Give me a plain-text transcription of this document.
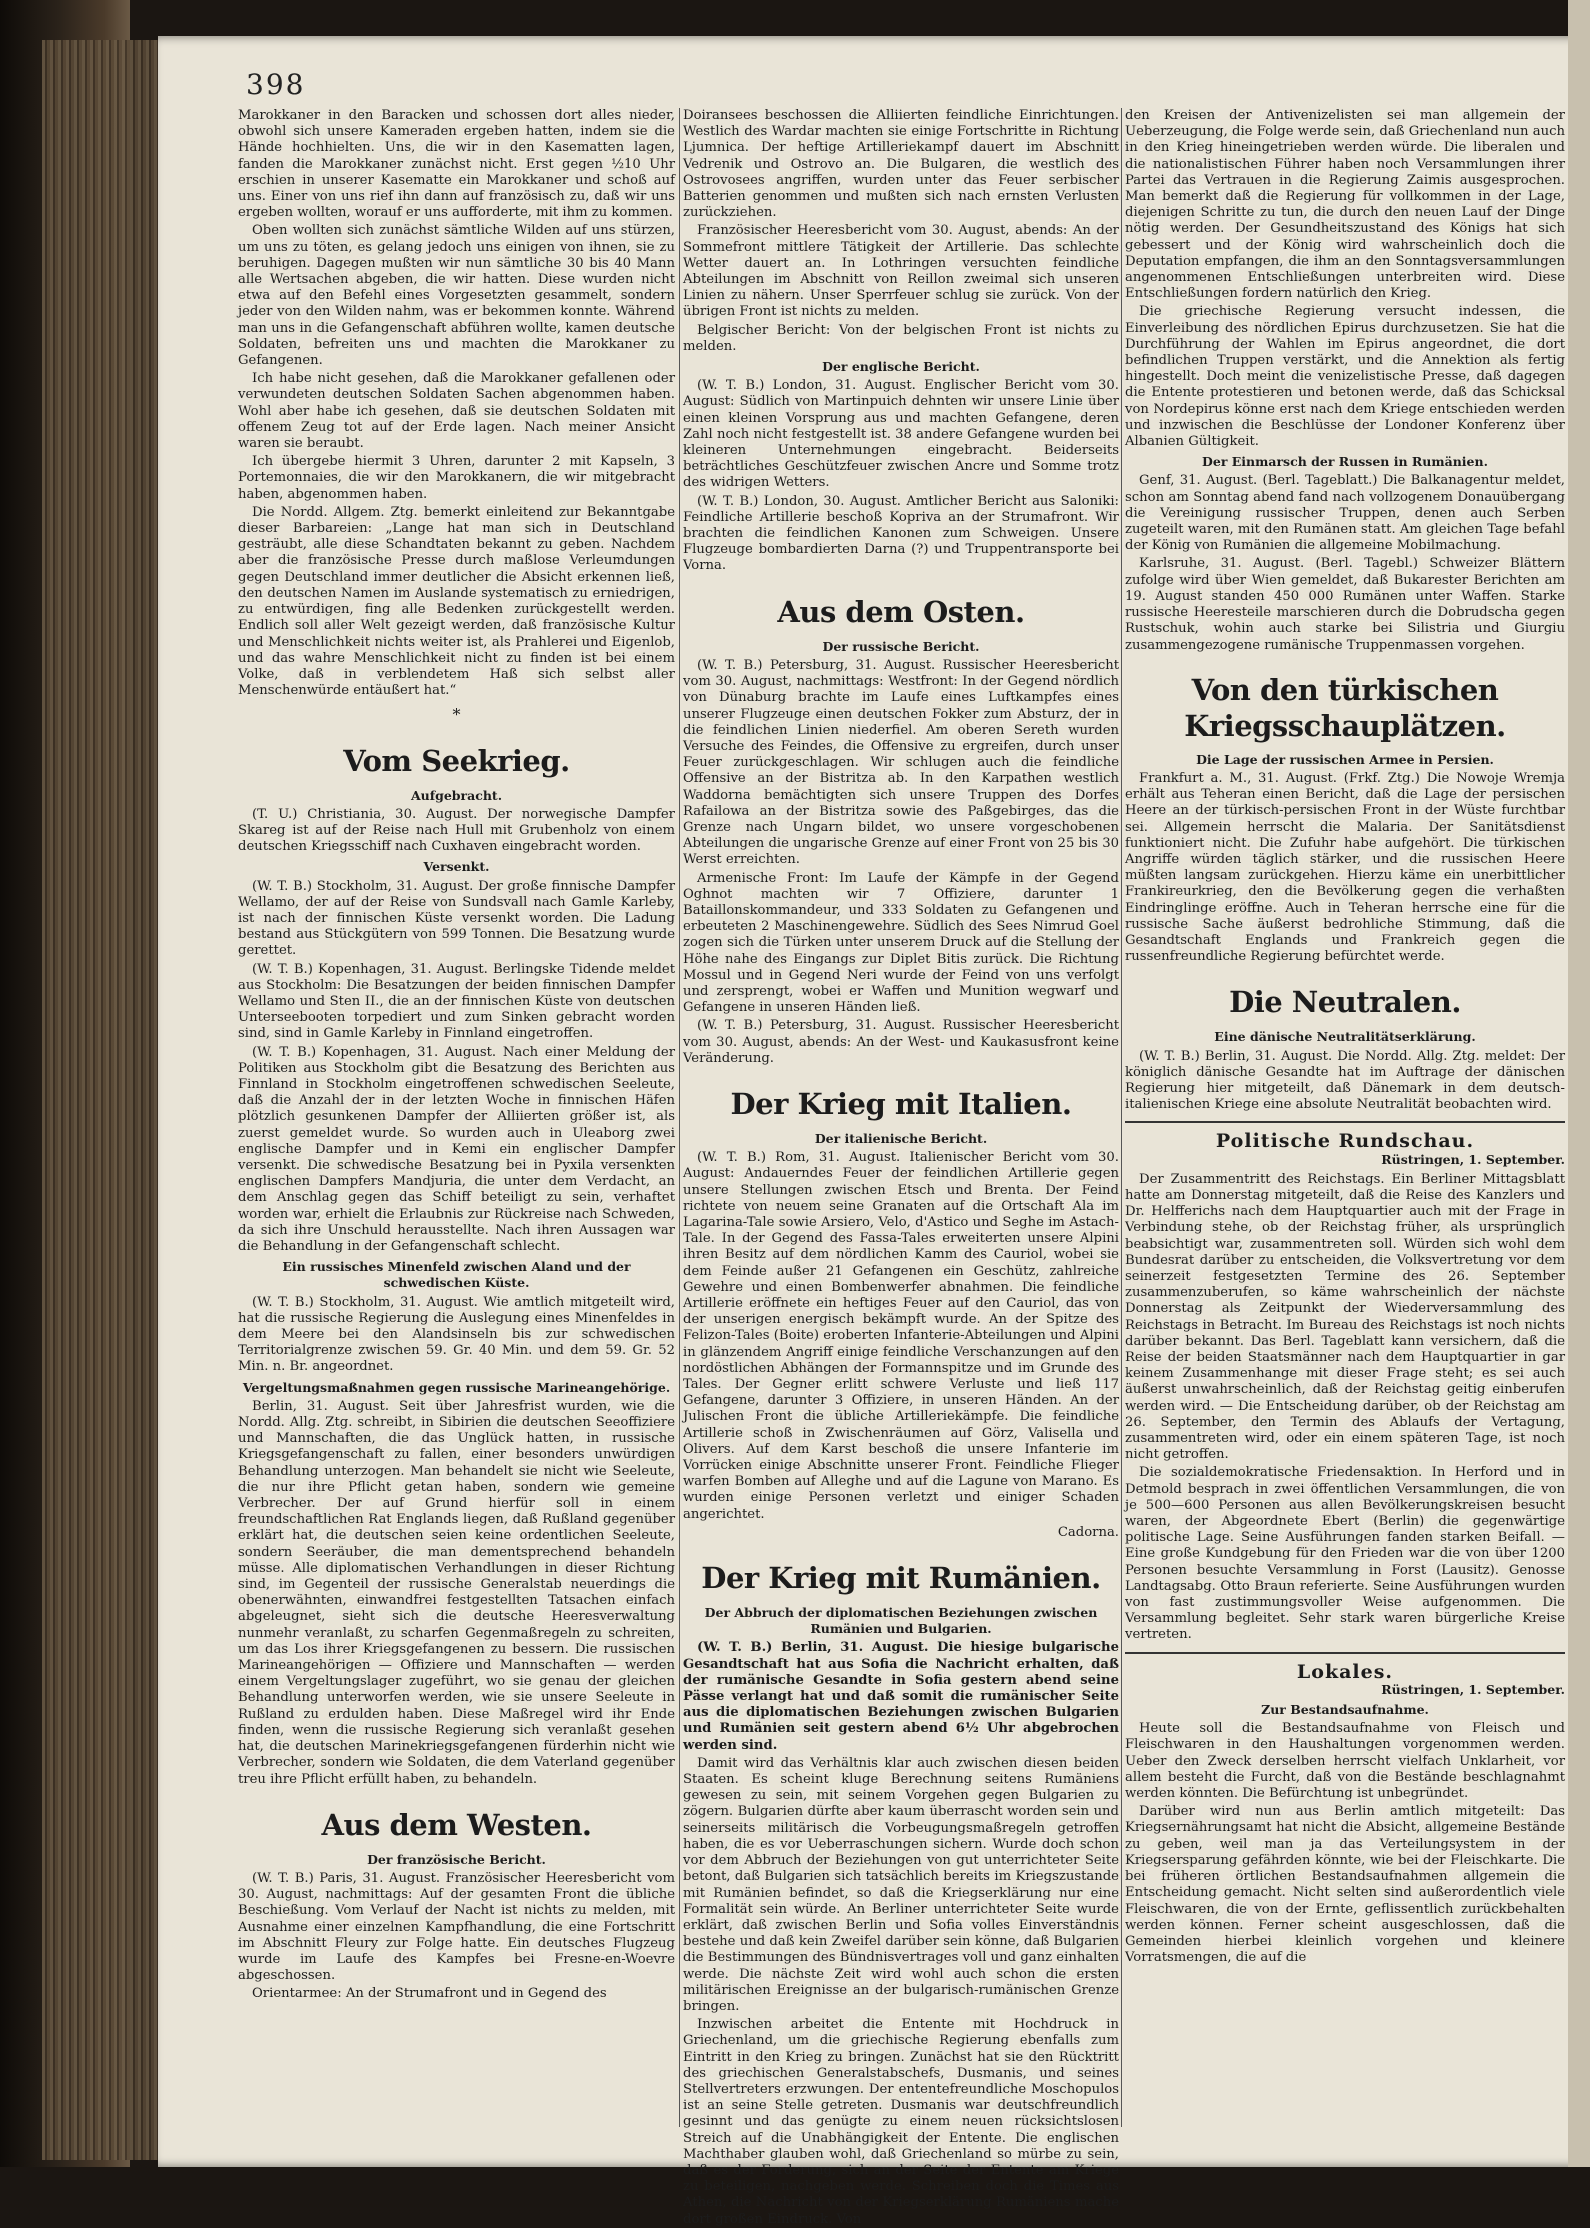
398

Marokkaner in den Baracken und schossen dort alles nieder, obwohl sich unsere Kameraden ergeben hatten, indem sie die Hände hochhielten. Uns, die wir in den Kasematten lagen, fanden die Marokkaner zunächst nicht. Erst gegen ½10 Uhr erschien in unserer Kasematte ein Marokkaner und schoß auf uns. Einer von uns rief ihn dann auf französisch zu, daß wir uns ergeben wollten, worauf er uns aufforderte, mit ihm zu kommen.

Oben wollten sich zunächst sämtliche Wilden auf uns stürzen, um uns zu töten, es gelang jedoch uns einigen von ihnen, sie zu beruhigen. Dagegen mußten wir nun sämtliche 30 bis 40 Mann alle Wertsachen abgeben, die wir hatten. Diese wurden nicht etwa auf den Befehl eines Vorgesetzten gesammelt, sondern jeder von den Wilden nahm, was er bekommen konnte. Während man uns in die Gefangenschaft abführen wollte, kamen deutsche Soldaten, befreiten uns und machten die Marokkaner zu Gefangenen.

Ich habe nicht gesehen, daß die Marokkaner gefallenen oder verwundeten deutschen Soldaten Sachen abgenommen haben. Wohl aber habe ich gesehen, daß sie deutschen Soldaten mit offenem Zeug tot auf der Erde lagen. Nach meiner Ansicht waren sie beraubt.

Ich übergebe hiermit 3 Uhren, darunter 2 mit Kapseln, 3 Portemonnaies, die wir den Marokkanern, die wir mitgebracht haben, abgenommen haben.

Die Nordd. Allgem. Ztg. bemerkt einleitend zur Bekanntgabe dieser Barbareien: „Lange hat man sich in Deutschland gesträubt, alle diese Schandtaten bekannt zu geben. Nachdem aber die französische Presse durch maßlose Verleumdungen gegen Deutschland immer deutlicher die Absicht erkennen ließ, den deutschen Namen im Auslande systematisch zu erniedrigen, zu entwürdigen, fing alle Bedenken zurückgestellt werden. Endlich soll aller Welt gezeigt werden, daß französische Kultur und Menschlichkeit nichts weiter ist, als Prahlerei und Eigenlob, und das wahre Menschlichkeit nicht zu finden ist bei einem Volke, daß in verblendetem Haß sich selbst aller Menschenwürde entäußert hat.“

*
Vom Seekrieg.
Aufgebracht.

(T. U.) Christiania, 30. August. Der norwegische Dampfer Skareg ist auf der Reise nach Hull mit Grubenholz von einem deutschen Kriegsschiff nach Cuxhaven eingebracht worden.

Versenkt.

(W. T. B.) Stockholm, 31. August. Der große finnische Dampfer Wellamo, der auf der Reise von Sundsvall nach Gamle Karleby, ist nach der finnischen Küste versenkt worden. Die Ladung bestand aus Stückgütern von 599 Tonnen. Die Besatzung wurde gerettet.

(W. T. B.) Kopenhagen, 31. August. Berlingske Tidende meldet aus Stockholm: Die Besatzungen der beiden finnischen Dampfer Wellamo und Sten II., die an der finnischen Küste von deutschen Unterseebooten torpediert und zum Sinken gebracht worden sind, sind in Gamle Karleby in Finnland eingetroffen.

(W. T. B.) Kopenhagen, 31. August. Nach einer Meldung der Politiken aus Stockholm gibt die Besatzung des Berichten aus Finnland in Stockholm eingetroffenen schwedischen Seeleute, daß die Anzahl der in der letzten Woche in finnischen Häfen plötzlich gesunkenen Dampfer der Alliierten größer ist, als zuerst gemeldet wurde. So wurden auch in Uleaborg zwei englische Dampfer und in Kemi ein englischer Dampfer versenkt. Die schwedische Besatzung bei in Pyxila versenkten englischen Dampfers Mandjuria, die unter dem Verdacht, an dem Anschlag gegen das Schiff beteiligt zu sein, verhaftet worden war, erhielt die Erlaubnis zur Rückreise nach Schweden, da sich ihre Unschuld herausstellte. Nach ihren Aussagen war die Behandlung in der Gefangenschaft schlecht.

Ein russisches Minenfeld zwischen Aland und der schwedischen Küste.

(W. T. B.) Stockholm, 31. August. Wie amtlich mitgeteilt wird, hat die russische Regierung die Auslegung eines Minenfeldes in dem Meere bei den Alandsinseln bis zur schwedischen Territorialgrenze zwischen 59. Gr. 40 Min. und dem 59. Gr. 52 Min. n. Br. angeordnet.

Vergeltungsmaßnahmen gegen russische Marineangehörige.

Berlin, 31. August. Seit über Jahresfrist wurden, wie die Nordd. Allg. Ztg. schreibt, in Sibirien die deutschen Seeoffiziere und Mannschaften, die das Unglück hatten, in russische Kriegsgefangenschaft zu fallen, einer besonders unwürdigen Behandlung unterzogen. Man behandelt sie nicht wie Seeleute, die nur ihre Pflicht getan haben, sondern wie gemeine Verbrecher. Der auf Grund hierfür soll in einem freundschaftlichen Rat Englands liegen, daß Rußland gegenüber erklärt hat, die deutschen seien keine ordentlichen Seeleute, sondern Seeräuber, die man dementsprechend behandeln müsse. Alle diplomatischen Verhandlungen in dieser Richtung sind, im Gegenteil der russische Generalstab neuerdings die obenerwähnten, einwandfrei festgestellten Tatsachen einfach abgeleugnet, sieht sich die deutsche Heeresverwaltung nunmehr veranlaßt, zu scharfen Gegenmaßregeln zu schreiten, um das Los ihrer Kriegsgefangenen zu bessern. Die russischen Marineangehörigen — Offiziere und Mannschaften — werden einem Vergeltungslager zugeführt, wo sie genau der gleichen Behandlung unterworfen werden, wie sie unsere Seeleute in Rußland zu erdulden haben. Diese Maßregel wird ihr Ende finden, wenn die russische Regierung sich veranlaßt gesehen hat, die deutschen Marinekriegsgefangenen fürderhin nicht wie Verbrecher, sondern wie Soldaten, die dem Vaterland gegenüber treu ihre Pflicht erfüllt haben, zu behandeln.

Aus dem Westen.
Der französische Bericht.

(W. T. B.) Paris, 31. August. Französischer Heeresbericht vom 30. August, nachmittags: Auf der gesamten Front die übliche Beschießung. Vom Verlauf der Nacht ist nichts zu melden, mit Ausnahme einer einzelnen Kampfhandlung, die eine Fortschritt im Abschnitt Fleury zur Folge hatte. Ein deutsches Flugzeug wurde im Laufe des Kampfes bei Fresne-en-Woevre abgeschossen.

Orientarmee: An der Strumafront und in Gegend des

Doiransees beschossen die Alliierten feindliche Einrichtungen. Westlich des Wardar machten sie einige Fortschritte in Richtung Ljumnica. Der heftige Artilleriekampf dauert im Abschnitt Vedrenik und Ostrovo an. Die Bulgaren, die westlich des Ostrovosees angriffen, wurden unter das Feuer serbischer Batterien genommen und mußten sich nach ernsten Verlusten zurückziehen.

Französischer Heeresbericht vom 30. August, abends: An der Sommefront mittlere Tätigkeit der Artillerie. Das schlechte Wetter dauert an. In Lothringen versuchten feindliche Abteilungen im Abschnitt von Reillon zweimal sich unseren Linien zu nähern. Unser Sperrfeuer schlug sie zurück. Von der übrigen Front ist nichts zu melden.

Belgischer Bericht: Von der belgischen Front ist nichts zu melden.

Der englische Bericht.

(W. T. B.) London, 31. August. Englischer Bericht vom 30. August: Südlich von Martinpuich dehnten wir unsere Linie über einen kleinen Vorsprung aus und machten Gefangene, deren Zahl noch nicht festgestellt ist. 38 andere Gefangene wurden bei kleineren Unternehmungen eingebracht. Beiderseits beträchtliches Geschützfeuer zwischen Ancre und Somme trotz des widrigen Wetters.

(W. T. B.) London, 30. August. Amtlicher Bericht aus Saloniki: Feindliche Artillerie beschoß Kopriva an der Strumafront. Wir brachten die feindlichen Kanonen zum Schweigen. Unsere Flugzeuge bombardierten Darna (?) und Truppentransporte bei Vorna.

Aus dem Osten.
Der russische Bericht.

(W. T. B.) Petersburg, 31. August. Russischer Heeresbericht vom 30. August, nachmittags: Westfront: In der Gegend nördlich von Dünaburg brachte im Laufe eines Luftkampfes eines unserer Flugzeuge einen deutschen Fokker zum Absturz, der in die feindlichen Linien niederfiel. Am oberen Sereth wurden Versuche des Feindes, die Offensive zu ergreifen, durch unser Feuer zurückgeschlagen. Wir schlugen auch die feindliche Offensive an der Bistritza ab. In den Karpathen westlich Waddorna bemächtigten sich unsere Truppen des Dorfes Rafailowa an der Bistritza sowie des Paßgebirges, das die Grenze nach Ungarn bildet, wo unsere vorgeschobenen Abteilungen die ungarische Grenze auf einer Front von 25 bis 30 Werst erreichten.

Armenische Front: Im Laufe der Kämpfe in der Gegend Oghnot machten wir 7 Offiziere, darunter 1 Bataillonskommandeur, und 333 Soldaten zu Gefangenen und erbeuteten 2 Maschinengewehre. Südlich des Sees Nimrud Goel zogen sich die Türken unter unserem Druck auf die Stellung der Höhe nahe des Eingangs zur Diplet Bitis zurück. Die Richtung Mossul und in Gegend Neri wurde der Feind von uns verfolgt und zersprengt, wobei er Waffen und Munition wegwarf und Gefangene in unseren Händen ließ.

(W. T. B.) Petersburg, 31. August. Russischer Heeresbericht vom 30. August, abends: An der West- und Kaukasusfront keine Veränderung.

Der Krieg mit Italien.
Der italienische Bericht.

(W. T. B.) Rom, 31. August. Italienischer Bericht vom 30. August: Andauerndes Feuer der feindlichen Artillerie gegen unsere Stellungen zwischen Etsch und Brenta. Der Feind richtete von neuem seine Granaten auf die Ortschaft Ala im Lagarina-Tale sowie Arsiero, Velo, d'Astico und Seghe im Astach-Tale. In der Gegend des Fassa-Tales erweiterten unsere Alpini ihren Besitz auf dem nördlichen Kamm des Cauriol, wobei sie dem Feinde außer 21 Gefangenen ein Geschütz, zahlreiche Gewehre und einen Bombenwerfer abnahmen. Die feindliche Artillerie eröffnete ein heftiges Feuer auf den Cauriol, das von der unserigen energisch bekämpft wurde. An der Spitze des Felizon-Tales (Boite) eroberten Infanterie-Abteilungen und Alpini in glänzendem Angriff einige feindliche Verschanzungen auf den nordöstlichen Abhängen der Formannspitze und im Grunde des Tales. Der Gegner erlitt schwere Verluste und ließ 117 Gefangene, darunter 3 Offiziere, in unseren Händen. An der Julischen Front die übliche Artilleriekämpfe. Die feindliche Artillerie schoß in Zwischenräumen auf Görz, Valisella und Olivers. Auf dem Karst beschoß die unsere Infanterie im Vorrücken einige Abschnitte unserer Front. Feindliche Flieger warfen Bomben auf Alleghe und auf die Lagune von Marano. Es wurden einige Personen verletzt und einiger Schaden angerichtet.

Cadorna.

Der Krieg mit Rumänien.
Der Abbruch der diplomatischen Beziehungen zwischen Rumänien und Bulgarien.

(W. T. B.) Berlin, 31. August. Die hiesige bulgarische Gesandtschaft hat aus Sofia die Nachricht erhalten, daß der rumänische Gesandte in Sofia gestern abend seine Pässe verlangt hat und daß somit die rumänischer Seite aus die diplomatischen Beziehungen zwischen Bulgarien und Rumänien seit gestern abend 6½ Uhr abgebrochen werden sind.

Damit wird das Verhältnis klar auch zwischen diesen beiden Staaten. Es scheint kluge Berechnung seitens Rumäniens gewesen zu sein, mit seinem Vorgehen gegen Bulgarien zu zögern. Bulgarien dürfte aber kaum überrascht worden sein und seinerseits militärisch die Vorbeugungsmaßregeln getroffen haben, die es vor Ueberraschungen sichern. Wurde doch schon vor dem Abbruch der Beziehungen von gut unterrichteter Seite betont, daß Bulgarien sich tatsächlich bereits im Kriegszustande mit Rumänien befindet, so daß die Kriegserklärung nur eine Formalität sein würde. An Berliner unterrichteter Seite wurde erklärt, daß zwischen Berlin und Sofia volles Einverständnis bestehe und daß kein Zweifel darüber sein könne, daß Bulgarien die Bestimmungen des Bündnisvertrages voll und ganz einhalten werde. Die nächste Zeit wird wohl auch schon die ersten militärischen Ereignisse an der bulgarisch-rumänischen Grenze bringen.

Inzwischen arbeitet die Entente mit Hochdruck in Griechenland, um die griechische Regierung ebenfalls zum Eintritt in den Krieg zu bringen. Zunächst hat sie den Rücktritt des griechischen Generalstabschefs, Dusmanis, und seines Stellvertreters erzwungen. Der ententefreundliche Moschopulos ist an seine Stelle getreten. Dusmanis war deutschfreundlich gesinnt und das genügte zu einem neuen rücksichtslosen Streich auf die Unabhängigkeit der Entente. Die englischen Machthaber glauben wohl, daß Griechenland so mürbe zu sein, daß es der Forderung, sich an der Seite der Entente am Kriege zu beteiligen, nachgeben werde. Schreiben doch die Times aus Athen, die Nachricht von der Kriegserklärung Rumäniens mache dort großen Eindruck. Von

den Kreisen der Antivenizelisten sei man allgemein der Ueberzeugung, die Folge werde sein, daß Griechenland nun auch in den Krieg hineingetrieben werden würde. Die liberalen und die nationalistischen Führer haben noch Versammlungen ihrer Partei das Vertrauen in die Regierung Zaimis ausgesprochen. Man bemerkt daß die Regierung für vollkommen in der Lage, diejenigen Schritte zu tun, die durch den neuen Lauf der Dinge nötig werden. Der Gesundheitszustand des Königs hat sich gebessert und der König wird wahrscheinlich doch die Deputation empfangen, die ihm an den Sonntagsversammlungen angenommenen Entschließungen unterbreiten wird. Diese Entschließungen fordern natürlich den Krieg.

Die griechische Regierung versucht indessen, die Einverleibung des nördlichen Epirus durchzusetzen. Sie hat die Durchführung der Wahlen im Epirus angeordnet, die dort befindlichen Truppen verstärkt, und die Annektion als fertig hingestellt. Doch meint die venizelistische Presse, daß dagegen die Entente protestieren und betonen werde, daß das Schicksal von Nordepirus könne erst nach dem Kriege entschieden werden und inzwischen die Beschlüsse der Londoner Konferenz über Albanien Gültigkeit.

Der Einmarsch der Russen in Rumänien.

Genf, 31. August. (Berl. Tageblatt.) Die Balkanagentur meldet, schon am Sonntag abend fand nach vollzogenem Donauübergang die Vereinigung russischer Truppen, denen auch Serben zugeteilt waren, mit den Rumänen statt. Am gleichen Tage befahl der König von Rumänien die allgemeine Mobilmachung.

Karlsruhe, 31. August. (Berl. Tagebl.) Schweizer Blättern zufolge wird über Wien gemeldet, daß Bukarester Berichten am 19. August standen 450 000 Rumänen unter Waffen. Starke russische Heeresteile marschieren durch die Dobrudscha gegen Rustschuk, wohin auch starke bei Silistria und Giurgiu zusammengezogene rumänische Truppenmassen vorgehen.

Von den türkischen Kriegsschauplätzen.
Die Lage der russischen Armee in Persien.

Frankfurt a. M., 31. August. (Frkf. Ztg.) Die Nowoje Wremja erhält aus Teheran einen Bericht, daß die Lage der persischen Heere an der türkisch-persischen Front in der Wüste furchtbar sei. Allgemein herrscht die Malaria. Der Sanitätsdienst funktioniert nicht. Die Zufuhr habe aufgehört. Die türkischen Angriffe würden täglich stärker, und die russischen Heere müßten langsam zurückgehen. Hierzu käme ein unerbittlicher Frankireurkrieg, den die Bevölkerung gegen die verhaßten Eindringlinge eröffne. Auch in Teheran herrsche eine für die russische Sache äußerst bedrohliche Stimmung, daß die Gesandtschaft Englands und Frankreich gegen die russenfreundliche Regierung befürchtet werde.

Die Neutralen.
Eine dänische Neutralitätserklärung.

(W. T. B.) Berlin, 31. August. Die Nordd. Allg. Ztg. meldet: Der königlich dänische Gesandte hat im Auftrage der dänischen Regierung hier mitgeteilt, daß Dänemark in dem deutsch-italienischen Kriege eine absolute Neutralität beobachten wird.

Politische Rundschau.
Rüstringen, 1. September.

Der Zusammentritt des Reichstags. Ein Berliner Mittagsblatt hatte am Donnerstag mitgeteilt, daß die Reise des Kanzlers und Dr. Helfferichs nach dem Hauptquartier auch mit der Frage in Verbindung stehe, ob der Reichstag früher, als ursprünglich beabsichtigt war, zusammentreten soll. Würden sich wohl dem Bundesrat darüber zu entscheiden, die Volksvertretung vor dem seinerzeit festgesetzten Termine des 26. September zusammenzuberufen, so käme wahrscheinlich der nächste Donnerstag als Zeitpunkt der Wiederversammlung des Reichstags in Betracht. Im Bureau des Reichstags ist noch nichts darüber bekannt. Das Berl. Tageblatt kann versichern, daß die Reise der beiden Staatsmänner nach dem Hauptquartier in gar keinem Zusammenhange mit dieser Frage steht; es sei auch äußerst unwahrscheinlich, daß der Reichstag geitig einberufen werden wird. — Die Entscheidung darüber, ob der Reichstag am 26. September, den Termin des Ablaufs der Vertagung, zusammentreten wird, oder ein einem späteren Tage, ist noch nicht getroffen.

Die sozialdemokratische Friedensaktion. In Herford und in Detmold besprach in zwei öffentlichen Versammlungen, die von je 500—600 Personen aus allen Bevölkerungskreisen besucht waren, der Abgeordnete Ebert (Berlin) die gegenwärtige politische Lage. Seine Ausführungen fanden starken Beifall. — Eine große Kundgebung für den Frieden war die von über 1200 Personen besuchte Versammlung in Forst (Lausitz). Genosse Landtagsabg. Otto Braun referierte. Seine Ausführungen wurden von fast zustimmungsvoller Weise aufgenommen. Die Versammlung begleitet. Sehr stark waren bürgerliche Kreise vertreten.

Lokales.
Rüstringen, 1. September.
Zur Bestandsaufnahme.

Heute soll die Bestandsaufnahme von Fleisch und Fleischwaren in den Haushaltungen vorgenommen werden. Ueber den Zweck derselben herrscht vielfach Unklarheit, vor allem besteht die Furcht, daß von die Bestände beschlagnahmt werden könnten. Die Befürchtung ist unbegründet.

Darüber wird nun aus Berlin amtlich mitgeteilt: Das Kriegsernährungsamt hat nicht die Absicht, allgemeine Bestände zu geben, weil man ja das Verteilungsystem in der Kriegsersparung gefährden könnte, wie bei der Fleischkarte. Die bei früheren örtlichen Bestandsaufnahmen allgemein die Entscheidung gemacht. Nicht selten sind außerordentlich viele Fleischwaren, die von der Ernte, geflissentlich zurückbehalten werden können. Ferner scheint ausgeschlossen, daß die Gemeinden hierbei kleinlich vorgehen und kleinere Vorratsmengen, die auf die
